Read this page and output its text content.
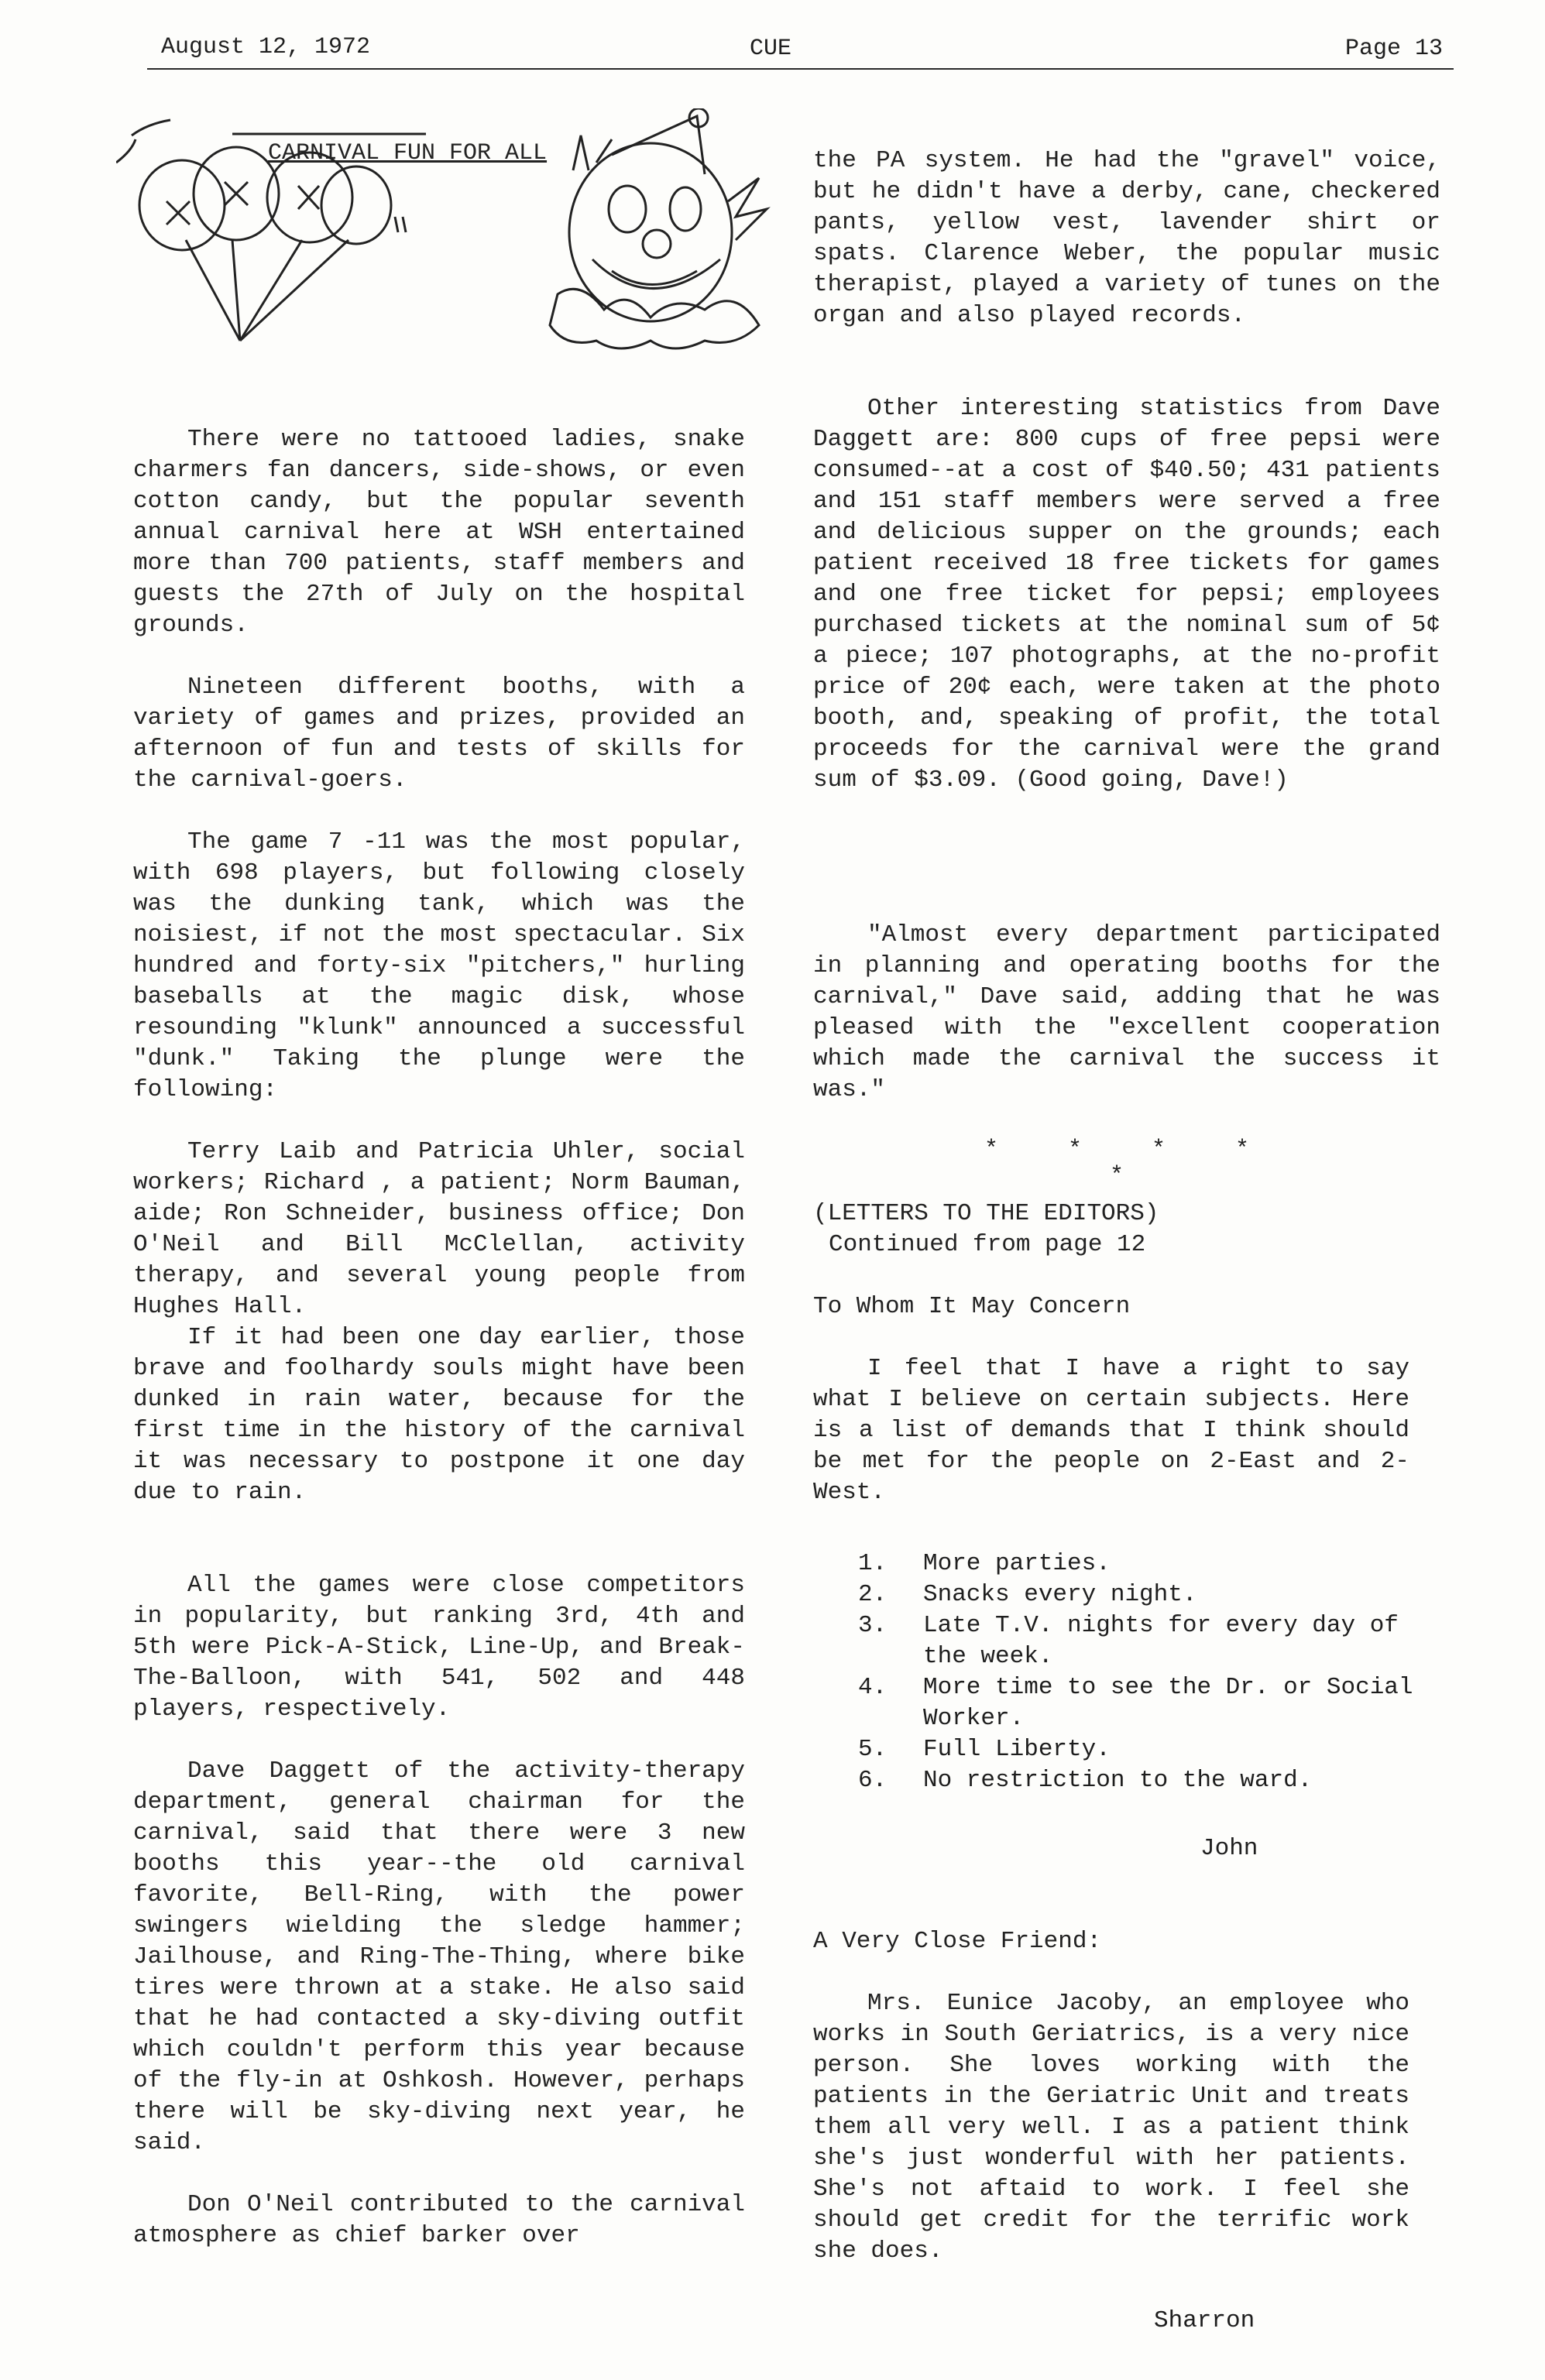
August 12, 1972	CUE	Page 13
CARNIVAL FUN FOR ALL

There were no tattooed ladies, snake charmers fan dancers, side-shows, or even cotton candy, but the popular seventh annual carnival here at WSH entertained more than 700 patients, staff members and guests the 27th of July on the hospital grounds.

Nineteen different booths, with a variety of games and prizes, provided an afternoon of fun and tests of skills for the carnival-goers.

The game 7 -11 was the most popular, with 698 players, but following closely was the dunking tank, which was the noisiest, if not the most spectacular. Six hundred and forty-six "pitchers," hurling baseballs at the magic disk, whose resounding "klunk" announced a successful "dunk." Taking the plunge were the following:

Terry Laib and Patricia Uhler, social workers; Richard , a patient; Norm Bauman, aide; Ron Schneider, business office; Don O'Neil and Bill McClellan, activity therapy, and several young people from Hughes Hall.

If it had been one day earlier, those brave and foolhardy souls might have been dunked in rain water, because for the first time in the history of the carnival it was necessary to postpone it one day due to rain.

All the games were close competitors in popularity, but ranking 3rd, 4th and 5th were Pick-A-Stick, Line-Up, and Break-The-Balloon, with 541, 502 and 448 players, respectively.

Dave Daggett of the activity-therapy department, general chairman for the carnival, said that there were 3 new booths this year--the old carnival favorite, Bell-Ring, with the power swingers wielding the sledge hammer; Jailhouse, and Ring-The-Thing, where bike tires were thrown at a stake. He also said that he had contacted a sky-diving outfit which couldn't perform this year because of the fly-in at Oshkosh. However, perhaps there will be sky-diving next year, he said.

Don O'Neil contributed to the carnival atmosphere as chief barker over

the PA system. He had the "gravel" voice, but he didn't have a derby, cane, checkered pants, yellow vest, lavender shirt or spats. Clarence Weber, the popular music therapist, played a variety of tunes on the organ and also played records.

Other interesting statistics from Dave Daggett are: 800 cups of free pepsi were consumed--at a cost of $40.50; 431 patients and 151 staff members were served a free and delicious supper on the grounds; each patient received 18 free tickets for games and one free ticket for pepsi; employees purchased tickets at the nominal sum of 5¢ a piece; 107 photographs, at the no-profit price of 20¢ each, were taken at the photo booth, and, speaking of profit, the total proceeds for the carnival were the grand sum of $3.09. (Good going, Dave!)

"Almost every department participated in planning and operating booths for the carnival," Dave said, adding that he was pleased with the "excellent cooperation which made the carnival the success it was."

(LETTERS TO THE EDITORS)

Continued from page 12

To Whom It May Concern

I feel that I have a right to say what I believe on certain subjects. Here is a list of demands that I think should be met for the people on 2-East and 2-West.

* * * * *
1. More parties.
2. Snacks every night.
3. Late T.V. nights for every day of the week.
4. More time to see the Dr. or Social Worker.
5. Full Liberty.
6. No restriction to the ward.
John

A Very Close Friend:

Mrs. Eunice Jacoby, an employee who works in South Geriatrics, is a very nice person. She loves working with the patients in the Geriatric Unit and treats them all very well. I as a patient think she's just wonderful with her patients. She's not aftaid to work. I feel she should get credit for the terrific work she does.

Sharron
